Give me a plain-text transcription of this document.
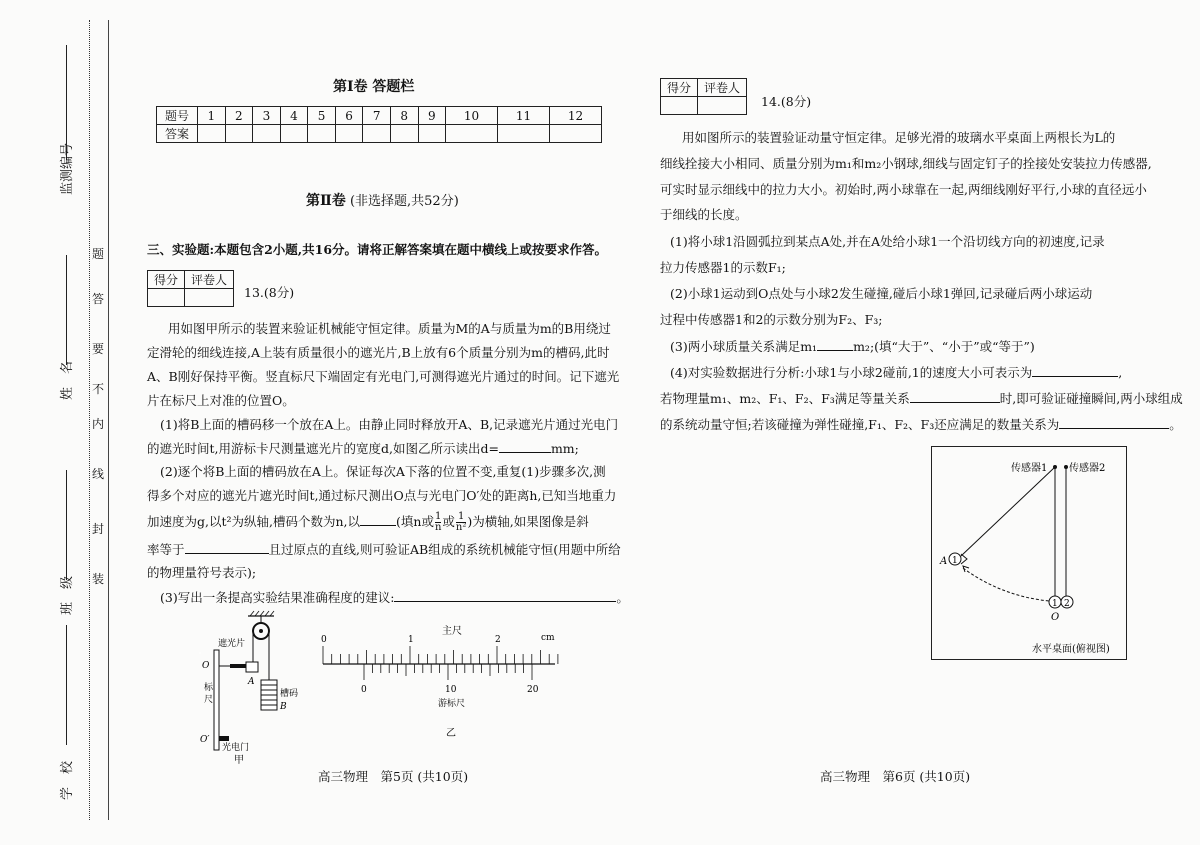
学　校
班　级
姓　名
监测编号
装
封
线
内
不
要
答
题
第Ⅰ卷 答题栏
题号	1	2	3	4	5	6	7	8	9	10	11	12
答案												
第Ⅱ卷 (非选择题,共52分)
三、实验题:本题包含2小题,共16分。请将正解答案填在题中横线上或按要求作答。
得分	评卷人

13.(8分)
用如图甲所示的装置来验证机械能守恒定律。质量为M的A与质量为m的B用绕过
定滑轮的细线连接,A上装有质量很小的遮光片,B上放有6个质量分别为m的槽码,此时
A、B刚好保持平衡。竖直标尺下端固定有光电门,可测得遮光片通过的时间。记下遮光
片在标尺上对准的位置O。
(1)将B上面的槽码移一个放在A上。由静止同时释放开A、B,记录遮光片通过光电门
的遮光时间t,用游标卡尺测量遮光片的宽度d,如图乙所示读出d=	mm;
(2)逐个将B上面的槽码放在A上。保证每次A下落的位置不变,重复(1)步骤多次,测
得多个对应的遮光片遮光时间t,通过标尺测出O点与光电门O′处的距离h,已知当地重力
加速度为g,以t²为纵轴,槽码个数为n,以	(填n或 $\frac{1}{n}$ 或 $\frac{1}{\text{n²}}$ )为横轴,如果图像是斜
率等于	且过原点的直线,则可验证AB组成的系统机械能守恒(用题中所给
的物理量符号表示);
(3)写出一条提高实验结果准确程度的建议:	。
O
O′
标
尺
遮光片
A
槽码
B
光电门
甲
主尺
cm
0	1	2
0	10	20
游标尺
乙
高三物理　第5页 (共10页)
得分	评卷人

14.(8分)
用如图所示的装置验证动量守恒定律。足够光滑的玻璃水平桌面上两根长为L的
细线拴接大小相同、质量分别为m₁和m₂小钢球,细线与固定钉子的拴接处安装拉力传感器,
可实时显示细线中的拉力大小。初始时,两小球靠在一起,两细线刚好平行,小球的直径远小
于细线的长度。
(1)将小球1沿圆弧拉到某点A处,并在A处给小球1一个沿切线方向的初速度,记录
拉力传感器1的示数F₁;
(2)小球1运动到O点处与小球2发生碰撞,碰后小球1弹回,记录碰后两小球运动
过程中传感器1和2的示数分别为F₂、F₃;
(3)两小球质量关系满足m₁	m₂;(填“大于”、“小于”或“等于”)
(4)对实验数据进行分析:小球1与小球2碰前,1的速度大小可表示为	,
若物理量m₁、m₂、F₁、F₂、F₃满足等量关系	时,即可验证碰撞瞬间,两小球组成
的系统动量守恒;若该碰撞为弹性碰撞,F₁、F₂、F₃还应满足的数量关系为	。
传感器1 传感器2
1
A
1 2
O
水平桌面(俯视图)
高三物理　第6页 (共10页)
